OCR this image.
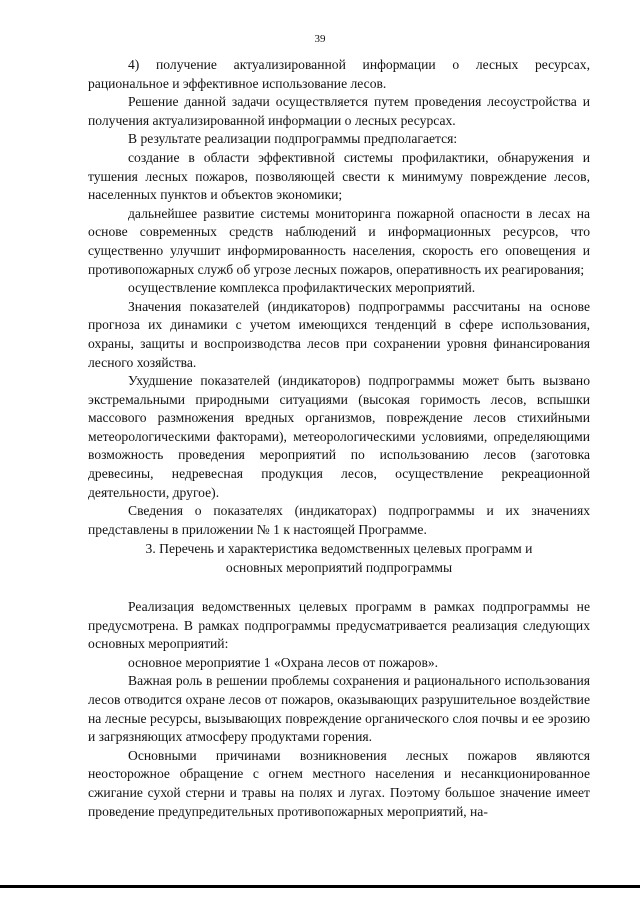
39

4) получение актуализированной информации о лесных ресурсах, рациональное и эффективное использование лесов.

Решение данной задачи осуществляется путем проведения лесоустройства и получения актуализированной информации о лесных ресурсах.

В результате реализации подпрограммы предполагается:

создание в области эффективной системы профилактики, обнаружения и тушения лесных пожаров, позволяющей свести к минимуму повреждение лесов, населенных пунктов и объектов экономики;

дальнейшее развитие системы мониторинга пожарной опасности в лесах на основе современных средств наблюдений и информационных ресурсов, что существенно улучшит информированность населения, скорость его оповещения и противопожарных служб об угрозе лесных пожаров, оперативность их реагирования;

осуществление комплекса профилактических мероприятий.

Значения показателей (индикаторов) подпрограммы рассчитаны на основе прогноза их динамики с учетом имеющихся тенденций в сфере использования, охраны, защиты и воспроизводства лесов при сохранении уровня финансирования лесного хозяйства.

Ухудшение показателей (индикаторов) подпрограммы может быть вызвано экстремальными природными ситуациями (высокая горимость лесов, вспышки массового размножения вредных организмов, повреждение лесов стихийными метеорологическими факторами), метеорологическими условиями, определяющими возможность проведения мероприятий по использованию лесов (заготовка древесины, недревесная продукция лесов, осуществление рекреационной деятельности, другое).

Сведения о показателях (индикаторах) подпрограммы и их значениях представлены в приложении № 1 к настоящей Программе.

3. Перечень и характеристика ведомственных целевых программ и
основных мероприятий подпрограммы

Реализация ведомственных целевых программ в рамках подпрограммы не предусмотрена. В рамках подпрограммы предусматривается реализация следующих основных мероприятий:

основное мероприятие 1 «Охрана лесов от пожаров».

Важная роль в решении проблемы сохранения и рационального использования лесов отводится охране лесов от пожаров, оказывающих разрушительное воздействие на лесные ресурсы, вызывающих повреждение органического слоя почвы и ее эрозию и загрязняющих атмосферу продуктами горения.

Основными причинами возникновения лесных пожаров являются неосторожное обращение с огнем местного населения и несанкционированное сжигание сухой стерни и травы на полях и лугах. Поэтому большое значение имеет проведение предупредительных противопожарных мероприятий, на-
